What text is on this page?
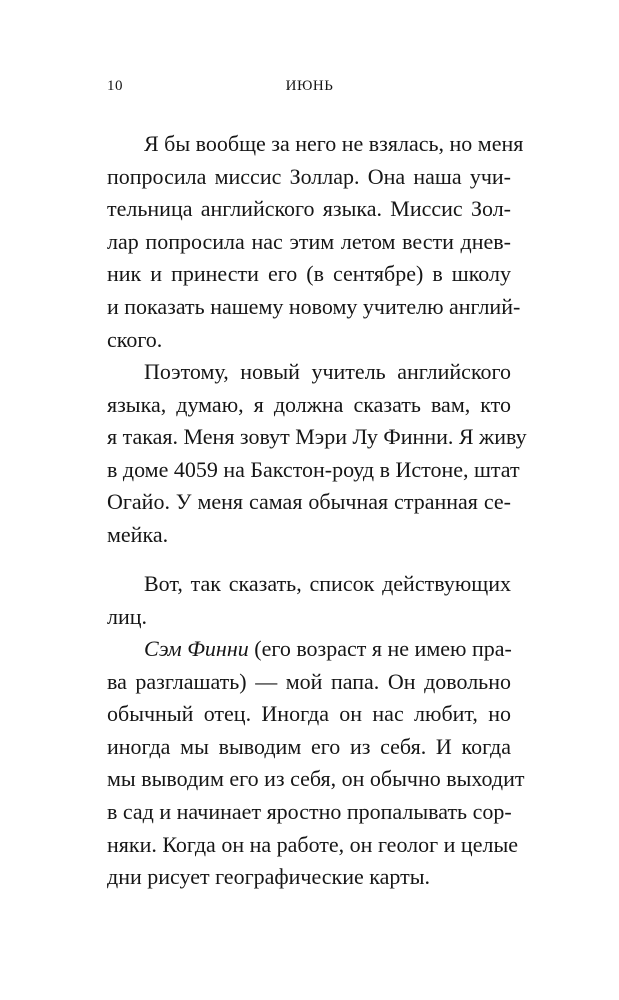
10	ИЮНЬ
Я бы вообще за него не взялась, но меня
попросила миссис Золлар. Она наша учи-
тельница английского языка. Миссис Зол-
лар попросила нас этим летом вести днев-
ник и принести его (в сентябре) в школу
и показать нашему новому учителю англий-
ского.
Поэтому, новый учитель английского
языка, думаю, я должна сказать вам, кто
я такая. Меня зовут Мэри Лу Финни. Я живу
в доме 4059 на Бакстон-роуд в Истоне, штат
Огайо. У меня самая обычная странная се-
мейка.
Вот, так сказать, список действующих
лиц.
Сэм Финни (его возраст я не имею пра-
ва разглашать) — мой папа. Он довольно
обычный отец. Иногда он нас любит, но
иногда мы выводим его из себя. И когда
мы выводим его из себя, он обычно выходит
в сад и начинает яростно пропалывать сор-
няки. Когда он на работе, он геолог и целые
дни рисует географические карты.
